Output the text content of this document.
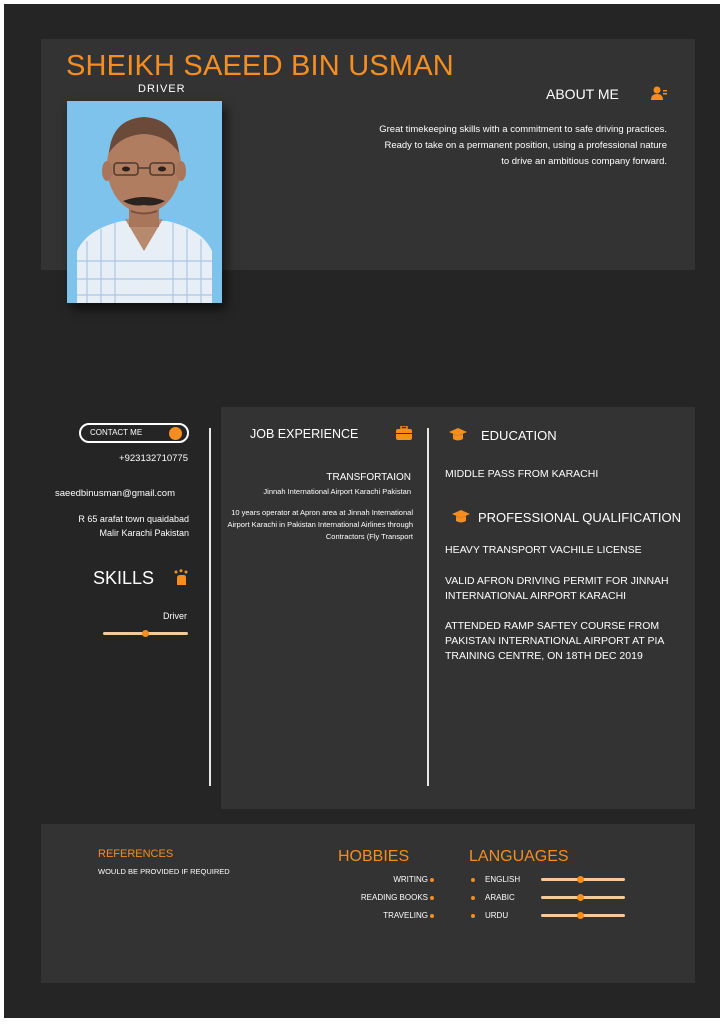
SHEIKH SAEED BIN USMAN
DRIVER	ABOUT ME
Great timekeeping skills with a commitment to safe driving practices. Ready to take on a permanent position, using a professional nature to drive an ambitious company forward.
CONTACT ME
+923132710775
saeedbinusman@gmail.com
R 65 arafat town quaidabad
Malir Karachi Pakistan
SKILLS
Driver
JOB EXPERIENCE
TRANSFORTAION
Jinnah International Airport Karachi Pakistan
10 years operator at Apron area at Jinnah International Airport Karachi in Pakistan International Airlines through Contractors (Fly Transport
EDUCATION
MIDDLE PASS FROM KARACHI
PROFESSIONAL QUALIFICATION
HEAVY TRANSPORT VACHILE LICENSE
VALID AFRON DRIVING PERMIT FOR JINNAH INTERNATIONAL AIRPORT KARACHI
ATTENDED RAMP SAFTEY COURSE FROM PAKISTAN INTERNATIONAL AIRPORT AT PIA TRAINING CENTRE, ON 18TH DEC 2019
REFERENCES
WOULD BE PROVIDED IF REQUIRED
HOBBIES
WRITING
READING BOOKS
TRAVELING
LANGUAGES
ENGLISH
ARABIC
URDU
